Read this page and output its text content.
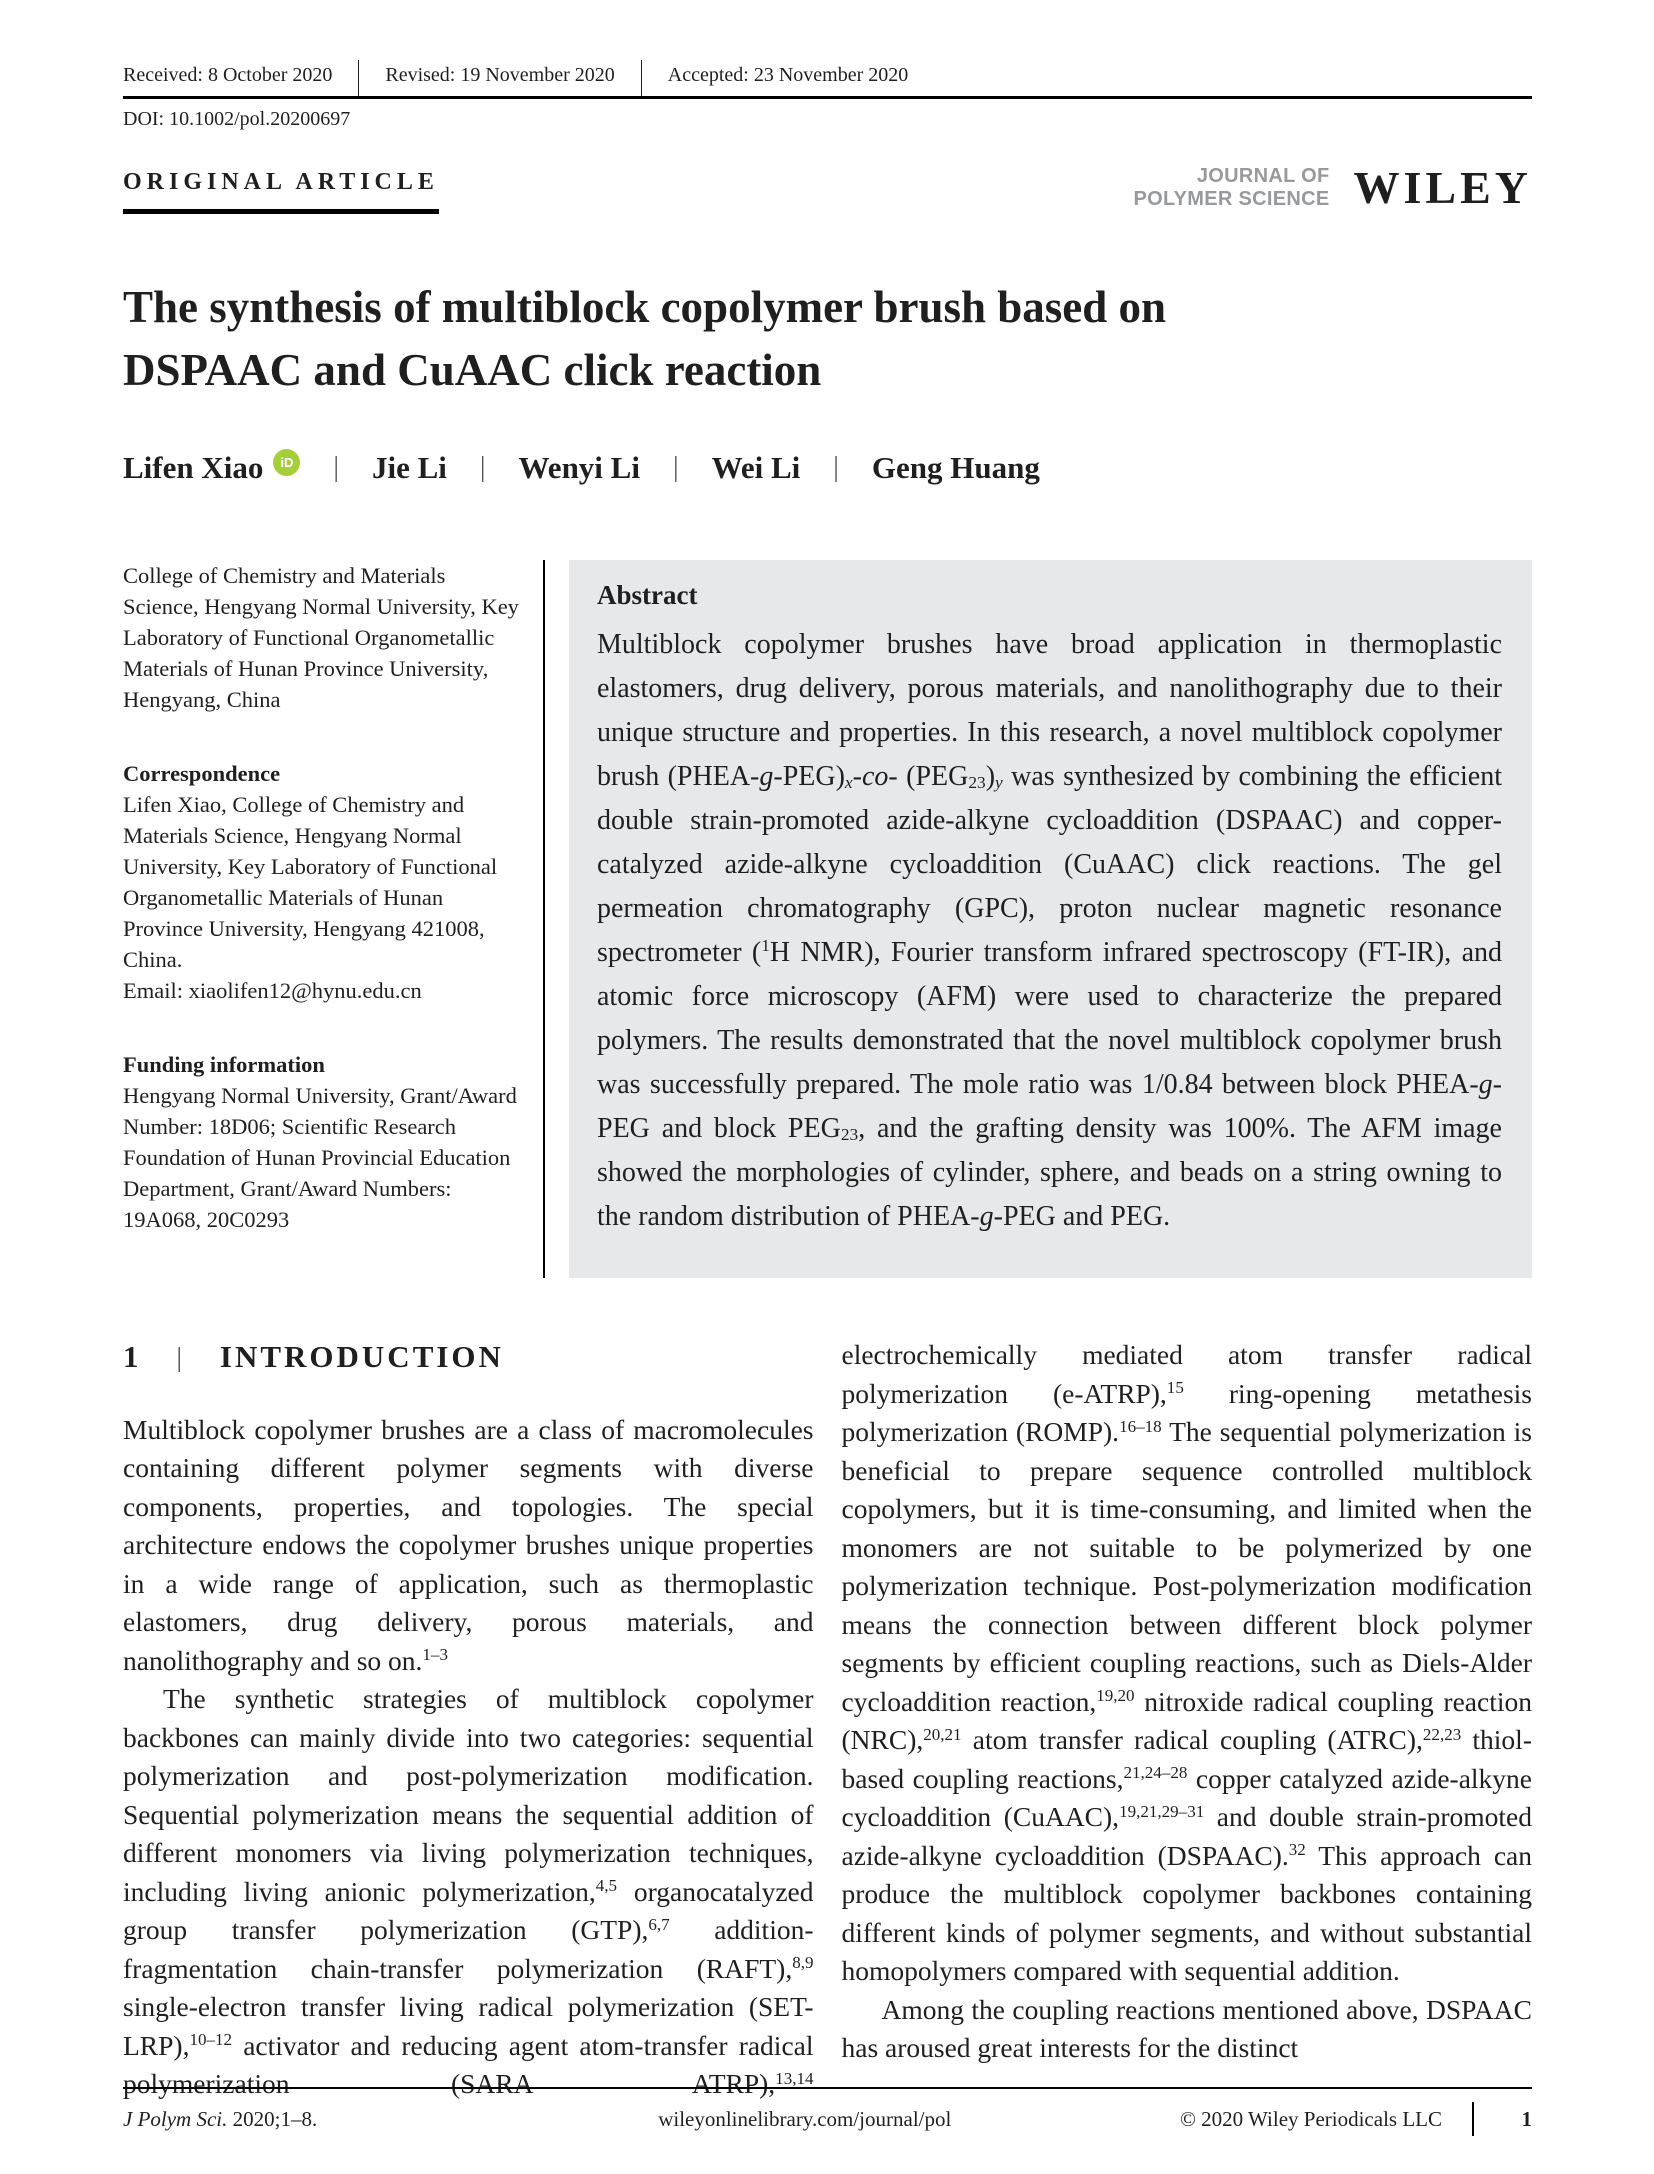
Received: 8 October 2020	Revised: 19 November 2020	Accepted: 23 November 2020
DOI: 10.1002/pol.20200697
ORIGINAL ARTICLE	JOURNAL OF
POLYMER SCIENCE WILEY
The synthesis of multiblock copolymer brush based on DSPAAC and CuAAC click reaction
Lifen Xiao	iD | Jie Li | Wenyi Li | Wei Li | Geng Huang
College of Chemistry and Materials Science, Hengyang Normal University, Key Laboratory of Functional Organometallic Materials of Hunan Province University, Hengyang, China
Correspondence
Lifen Xiao, College of Chemistry and Materials Science, Hengyang Normal University, Key Laboratory of Functional Organometallic Materials of Hunan Province University, Hengyang 421008, China.
Email: xiaolifen12@hynu.edu.cn
Funding information
Hengyang Normal University, Grant/Award Number: 18D06; Scientific Research Foundation of Hunan Provincial Education Department, Grant/Award Numbers: 19A068, 20C0293
Abstract

Multiblock copolymer brushes have broad application in thermoplastic elastomers, drug delivery, porous materials, and nanolithography due to their unique structure and properties. In this research, a novel multiblock copolymer brush $(PHEA-g-PEG)_x-co-$ $(PEG_{23})_y$ was synthesized by combining the efficient double strain-promoted azide-alkyne cycloaddition (DSPAAC) and copper-catalyzed azide-alkyne cycloaddition (CuAAC) click reactions. The gel permeation chromatography (GPC), proton nuclear magnetic resonance spectrometer ($^1$H NMR), Fourier transform infrared spectroscopy (FT-IR), and atomic force microscopy (AFM) were used to characterize the prepared polymers. The results demonstrated that the novel multiblock copolymer brush was successfully prepared. The mole ratio was 1/0.84 between block PHEA-g-PEG and block $PEG_{23}$, and the grafting density was 100%. The AFM image showed the morphologies of cylinder, sphere, and beads on a string owning to the random distribution of PHEA-g-PEG and PEG.

1 | INTRODUCTION

Multiblock copolymer brushes are a class of macromolecules containing different polymer segments with diverse components, properties, and topologies. The special architecture endows the copolymer brushes unique properties in a wide range of application, such as thermoplastic elastomers, drug delivery, porous materials, and nanolithography and so on.$^{1-3}$

The synthetic strategies of multiblock copolymer backbones can mainly divide into two categories: sequential polymerization and post-polymerization modification. Sequential polymerization means the sequential addition of different monomers via living polymerization techniques, including living anionic polymerization,$^{4,5}$ organocatalyzed group transfer polymerization (GTP),$^{6,7}$ addition-fragmentation chain-transfer polymerization (RAFT),$^{8,9}$ single-electron transfer living radical polymerization (SET-LRP),$^{10-12}$ activator and reducing agent atom-transfer radical polymerization (SARA ATRP),$^{13,14}$

electrochemically mediated atom transfer radical polymerization (e-ATRP),$^{15}$ ring-opening metathesis polymerization (ROMP).$^{16-18}$ The sequential polymerization is beneficial to prepare sequence controlled multiblock copolymers, but it is time-consuming, and limited when the monomers are not suitable to be polymerized by one polymerization technique. Post-polymerization modification means the connection between different block polymer segments by efficient coupling reactions, such as Diels-Alder cycloaddition reaction,$^{19,20}$ nitroxide radical coupling reaction (NRC),$^{20,21}$ atom transfer radical coupling (ATRC),$^{22,23}$ thiol-based coupling reactions,$^{21,24-28}$ copper catalyzed azide-alkyne cycloaddition (CuAAC),$^{19,21,29-31}$ and double strain-promoted azide-alkyne cycloaddition (DSPAAC).$^{32}$ This approach can produce the multiblock copolymer backbones containing different kinds of polymer segments, and without substantial homopolymers compared with sequential addition.

Among the coupling reactions mentioned above, DSPAAC has aroused great interests for the distinct

J Polym Sci. 2020;1–8.	wileyonlinelibrary.com/journal/pol	© 2020 Wiley Periodicals LLC	1
